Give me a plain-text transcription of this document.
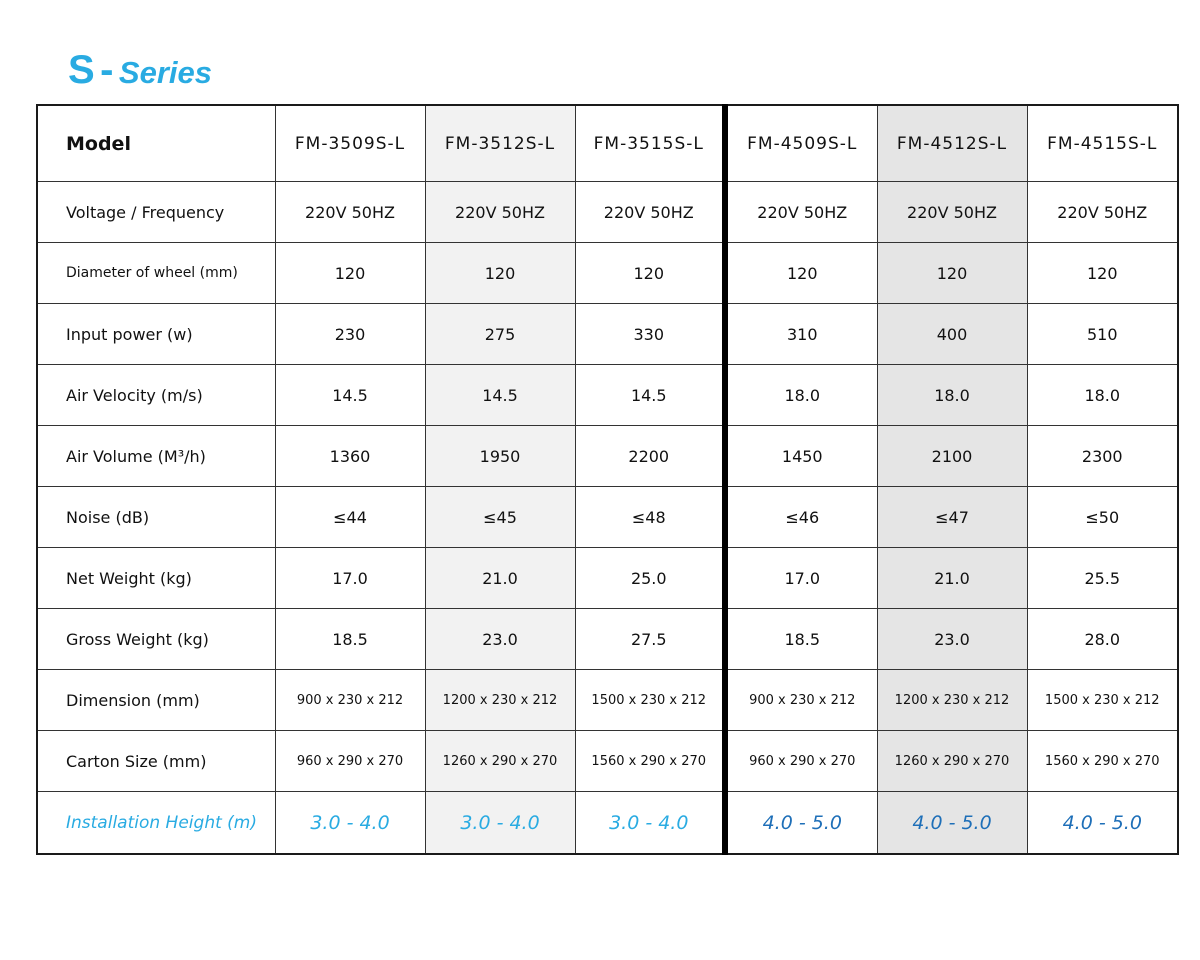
S - Series
Model	FM-3509S-L	FM-3512S-L	FM-3515S-L	FM-4509S-L	FM-4512S-L	FM-4515S-L
Voltage / Frequency	220V 50HZ	220V 50HZ	220V 50HZ	220V 50HZ	220V 50HZ	220V 50HZ
Diameter of wheel (mm)	120	120	120	120	120	120
Input power (w)	230	275	330	310	400	510
Air Velocity (m/s)	14.5	14.5	14.5	18.0	18.0	18.0
Air Volume (M³/h)	1360	1950	2200	1450	2100	2300
Noise (dB)	≤44	≤45	≤48	≤46	≤47	≤50
Net Weight (kg)	17.0	21.0	25.0	17.0	21.0	25.5
Gross Weight (kg)	18.5	23.0	27.5	18.5	23.0	28.0
Dimension (mm)	900 x 230 x 212	1200 x 230 x 212	1500 x 230 x 212	900 x 230 x 212	1200 x 230 x 212	1500 x 230 x 212
Carton Size (mm)	960 x 290 x 270	1260 x 290 x 270	1560 x 290 x 270	960 x 290 x 270	1260 x 290 x 270	1560 x 290 x 270
Installation Height (m)	3.0 - 4.0	3.0 - 4.0	3.0 - 4.0	4.0 - 5.0	4.0 - 5.0	4.0 - 5.0
